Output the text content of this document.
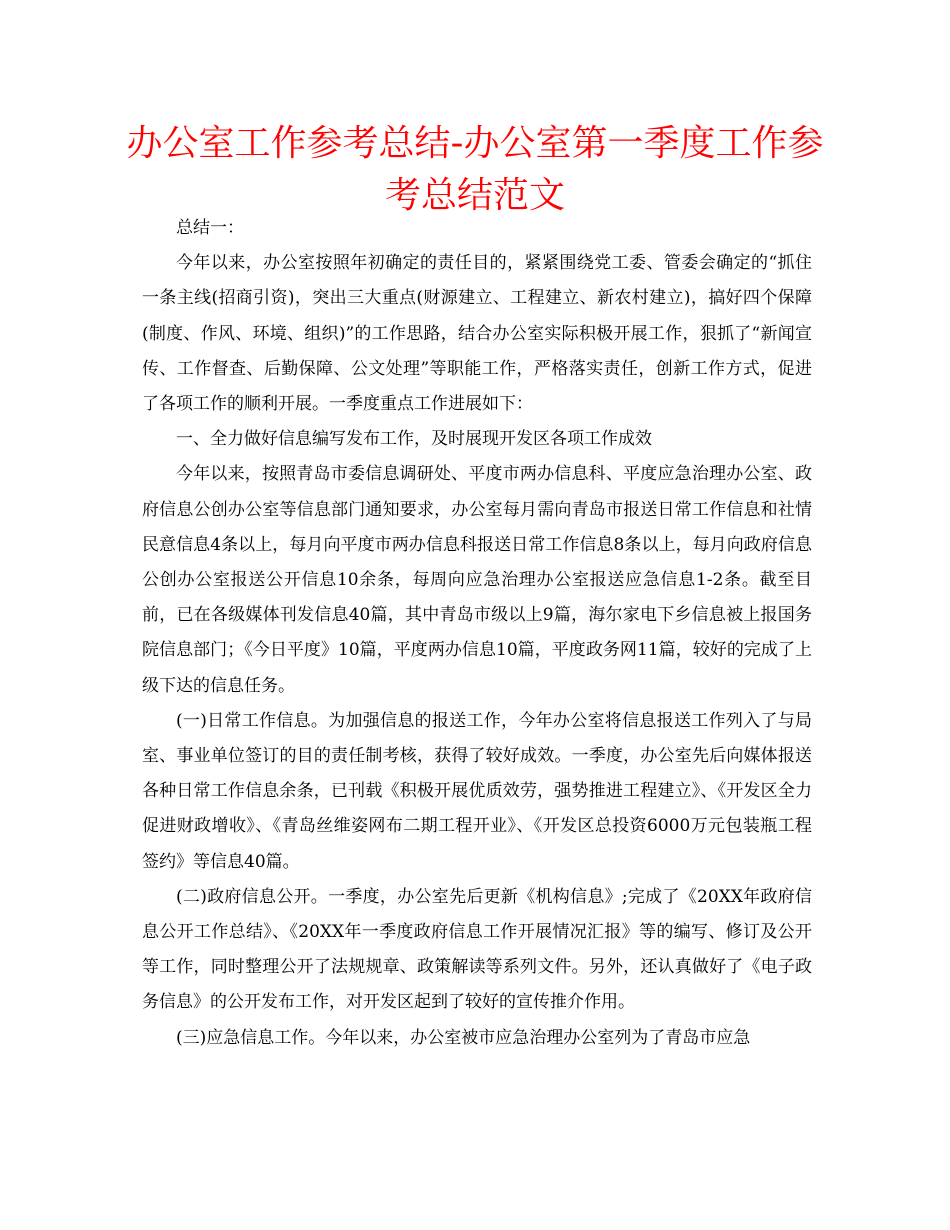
办公室工作参考总结-办公室第一季度工作参考总结范文

总结一：

今年以来，办公室按照年初确定的责任目的，紧紧围绕党工委、管委会确定的“抓住一条主线(招商引资)，突出三大重点(财源建立、工程建立、新农村建立)，搞好四个保障(制度、作风、环境、组织)”的工作思路，结合办公室实际积极开展工作，狠抓了“新闻宣传、工作督查、后勤保障、公文处理”等职能工作，严格落实责任，创新工作方式，促进了各项工作的顺利开展。一季度重点工作进展如下：

一、全力做好信息编写发布工作，及时展现开发区各项工作成效

今年以来，按照青岛市委信息调研处、平度市两办信息科、平度应急治理办公室、政府信息公创办公室等信息部门通知要求，办公室每月需向青岛市报送日常工作信息和社情民意信息4条以上，每月向平度市两办信息科报送日常工作信息8条以上，每月向政府信息公创办公室报送公开信息10余条，每周向应急治理办公室报送应急信息1-2条。截至目前，已在各级媒体刊发信息40篇，其中青岛市级以上9篇，海尔家电下乡信息被上报国务院信息部门；《今日平度》10篇，平度两办信息10篇，平度政务网11篇，较好的完成了上级下达的信息任务。

(一)日常工作信息。为加强信息的报送工作，今年办公室将信息报送工作列入了与局室、事业单位签订的目的责任制考核，获得了较好成效。一季度，办公室先后向媒体报送各种日常工作信息余条，已刊载《积极开展优质效劳，强势推进工程建立》、《开发区全力促进财政增收》、《青岛丝维姿网布二期工程开业》、《开发区总投资6000万元包装瓶工程签约》等信息40篇。

(二)政府信息公开。一季度，办公室先后更新《机构信息》;完成了《20XX年政府信息公开工作总结》、《20XX年一季度政府信息工作开展情况汇报》等的编写、修订及公开等工作，同时整理公开了法规规章、政策解读等系列文件。另外，还认真做好了《电子政务信息》的公开发布工作，对开发区起到了较好的宣传推介作用。

(三)应急信息工作。今年以来，办公室被市应急治理办公室列为了青岛市应急
